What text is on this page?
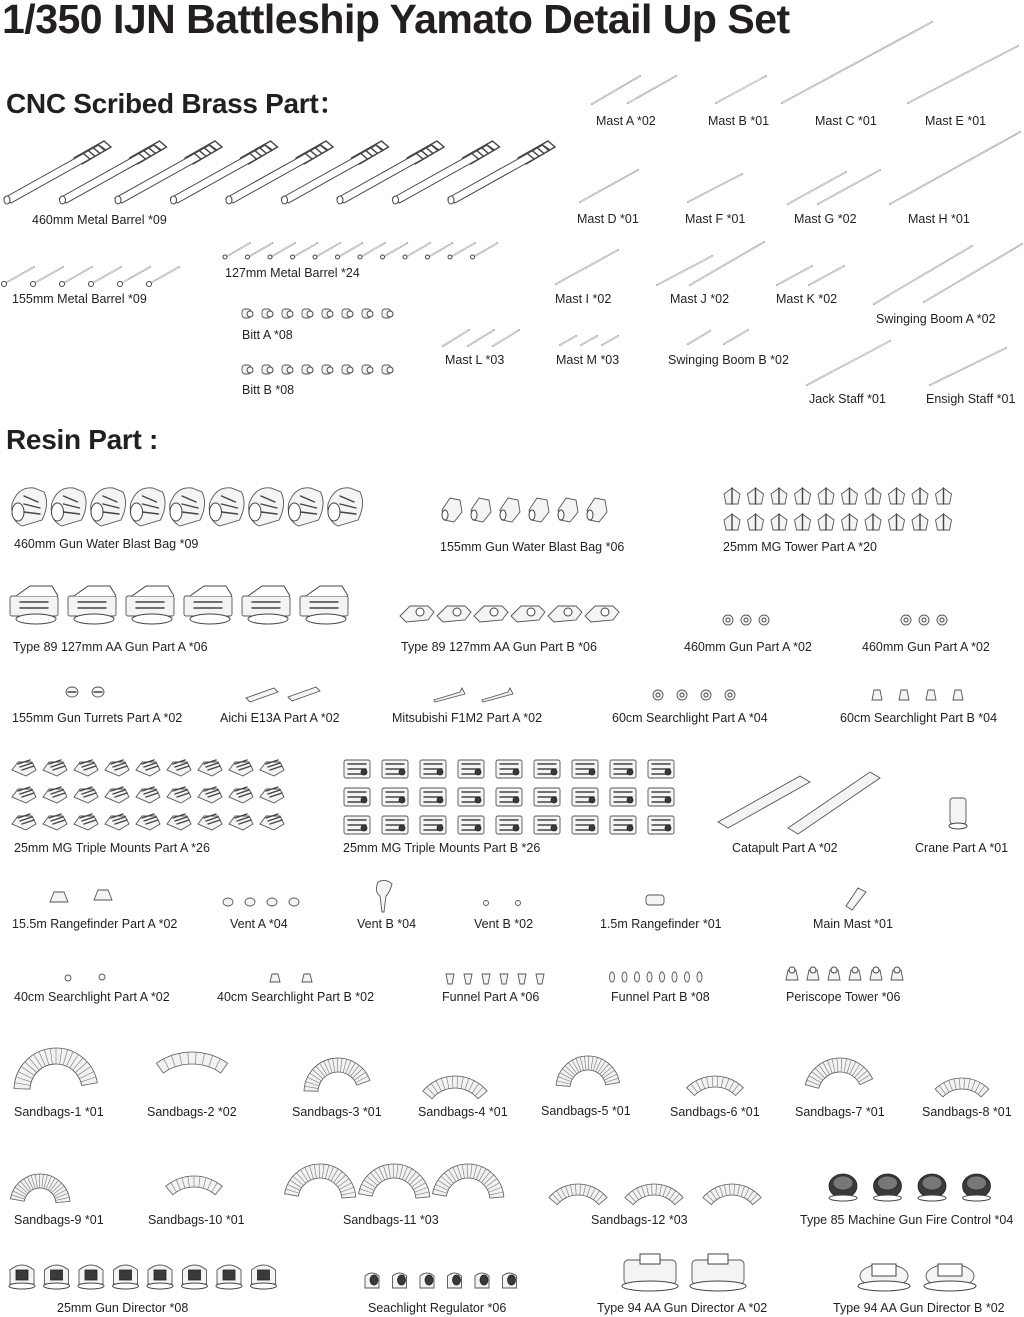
1/350 IJN Battleship Yamato Detail Up Set
CNC Scribed Brass Part：
Resin Part :
Mast A *02	Mast B *01	Mast C *01	Mast E *01
460mm Metal Barrel *09	Mast D *01	Mast F *01	Mast G *02	Mast H *01
127mm Metal Barrel *24
155mm Metal Barrel *09	Mast I *02	Mast J *02	Mast K *02
Swinging Boom A *02
Bitt A *08
Mast L *03	Mast M *03	Swinging Boom B *02
Bitt B *08
Jack Staff *01	Ensigh Staff *01
460mm Gun Water Blast Bag *09	155mm Gun Water Blast Bag *06	25mm MG Tower Part A *20
Type 89 127mm AA Gun Part A *06	Type 89 127mm AA Gun Part B *06	460mm Gun Part A *02	460mm Gun Part A *02
155mm Gun Turrets Part A *02	Aichi E13A Part A *02	Mitsubishi F1M2 Part A *02	60cm Searchlight Part A *04	60cm Searchlight Part B *04
25mm MG Triple Mounts Part A *26	25mm MG Triple Mounts Part B *26	Catapult Part A *02	Crane Part A *01
15.5m Rangefinder Part A *02	Vent A *04	Vent B *04	Vent B *02	1.5m Rangefinder *01	Main Mast *01
40cm Searchlight Part A *02	40cm Searchlight Part B *02	Funnel Part A *06	Funnel Part B *08	Periscope Tower *06
Sandbags-1 *01	Sandbags-2 *02	Sandbags-3 *01	Sandbags-4 *01	Sandbags-5 *01	Sandbags-6 *01	Sandbags-7 *01	Sandbags-8 *01
Sandbags-9 *01	Sandbags-10 *01	Sandbags-11 *03	Sandbags-12 *03	Type 85 Machine Gun Fire Control *04
25mm Gun Director *08	Seachlight Regulator *06	Type 94 AA Gun Director A *02	Type 94 AA Gun Director B *02
